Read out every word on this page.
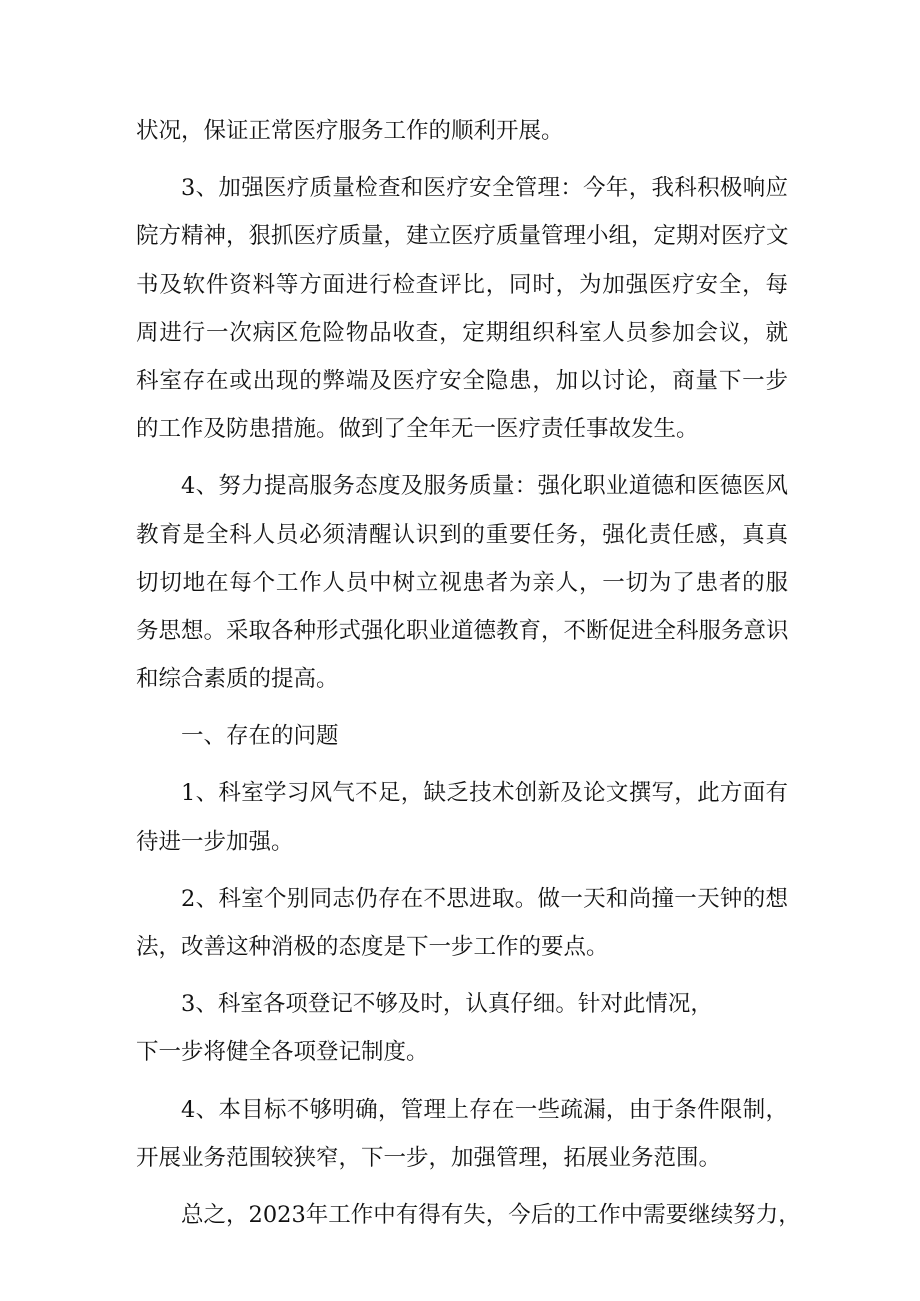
状况，保证正常医疗服务工作的顺利开展。
3、加强医疗质量检查和医疗安全管理：今年，我科积极响应
院方精神，狠抓医疗质量，建立医疗质量管理小组，定期对医疗文
书及软件资料等方面进行检查评比，同时，为加强医疗安全，每
周进行一次病区危险物品收查，定期组织科室人员参加会议，就
科室存在或出现的弊端及医疗安全隐患，加以讨论，商量下一步
的工作及防患措施。做到了全年无一医疗责任事故发生。
4、努力提高服务态度及服务质量：强化职业道德和医德医风
教育是全科人员必须清醒认识到的重要任务，强化责任感，真真
切切地在每个工作人员中树立视患者为亲人，一切为了患者的服
务思想。采取各种形式强化职业道德教育，不断促进全科服务意识
和综合素质的提高。
一、存在的问题
1、科室学习风气不足，缺乏技术创新及论文撰写，此方面有
待进一步加强。
2、科室个别同志仍存在不思进取。做一天和尚撞一天钟的想
法，改善这种消极的态度是下一步工作的要点。
3、科室各项登记不够及时，认真仔细。针对此情况，
下一步将健全各项登记制度。
4、本目标不够明确，管理上存在一些疏漏，由于条件限制，
开展业务范围较狭窄，下一步，加强管理，拓展业务范围。
总之，2023年工作中有得有失，今后的工作中需要继续努力，
